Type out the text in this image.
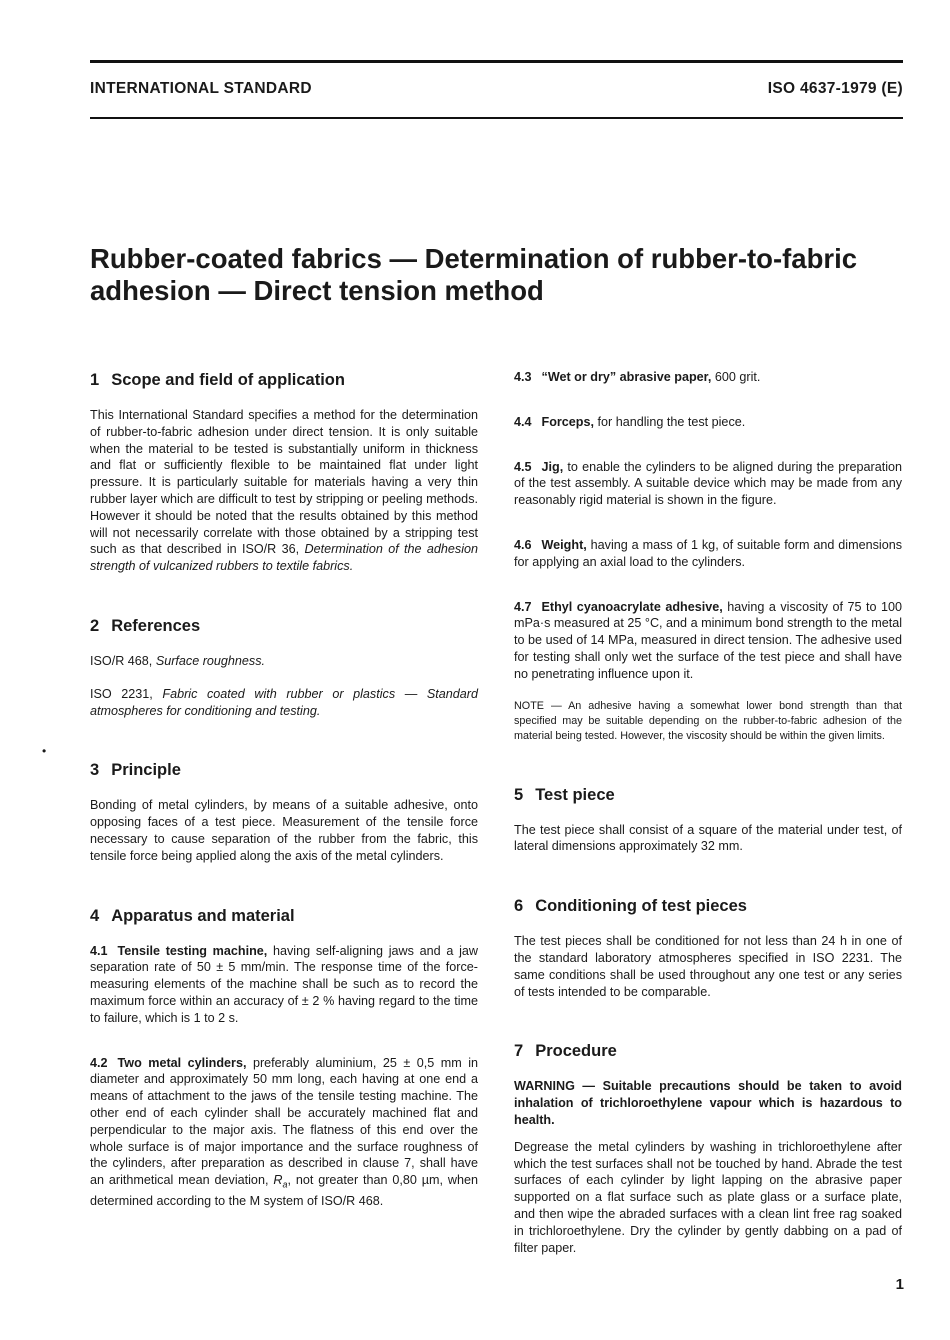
INTERNATIONAL STANDARD	ISO 4637-1979 (E)
Rubber-coated fabrics — Determination of rubber-to-fabric adhesion — Direct tension method
1 Scope and field of application

This International Standard specifies a method for the determination of rubber-to-fabric adhesion under direct tension. It is only suitable when the material to be tested is substantially uniform in thickness and flat or sufficiently flexible to be maintained flat under light pressure. It is particularly suitable for materials having a very thin rubber layer which are difficult to test by stripping or peeling methods. However it should be noted that the results obtained by this method will not necessarily correlate with those obtained by a stripping test such as that described in ISO/R 36, Determination of the adhesion strength of vulcanized rubbers to textile fabrics.

2 References

ISO/R 468, Surface roughness.

ISO 2231, Fabric coated with rubber or plastics — Standard atmospheres for conditioning and testing.

3 Principle

Bonding of metal cylinders, by means of a suitable adhesive, onto opposing faces of a test piece. Measurement of the tensile force necessary to cause separation of the rubber from the fabric, this tensile force being applied along the axis of the metal cylinders.

4 Apparatus and material

4.1 Tensile testing machine, having self-aligning jaws and a jaw separation rate of 50 ± 5 mm/min. The response time of the force-measuring elements of the machine shall be such as to record the maximum force within an accuracy of ± 2 % having regard to the time to failure, which is 1 to 2 s.

4.2 Two metal cylinders, preferably aluminium, 25 ± 0,5 mm in diameter and approximately 50 mm long, each having at one end a means of attachment to the jaws of the tensile testing machine. The other end of each cylinder shall be accurately machined flat and perpendicular to the major axis. The flatness of this end over the whole surface is of major importance and the surface roughness of the cylinders, after preparation as described in clause 7, shall have an arithmetical mean deviation, $R_a$, not greater than 0,80 µm, when determined according to the M system of ISO/R 468.

4.3 “Wet or dry” abrasive paper, 600 grit.

4.4 Forceps, for handling the test piece.

4.5 Jig, to enable the cylinders to be aligned during the preparation of the test assembly. A suitable device which may be made from any reasonably rigid material is shown in the figure.

4.6 Weight, having a mass of 1 kg, of suitable form and dimensions for applying an axial load to the cylinders.

4.7 Ethyl cyanoacrylate adhesive, having a viscosity of 75 to 100 mPa·s measured at 25 °C, and a minimum bond strength to the metal to be used of 14 MPa, measured in direct tension. The adhesive used for testing shall only wet the surface of the test piece and shall have no penetrating influence upon it.

NOTE — An adhesive having a somewhat lower bond strength than that specified may be suitable depending on the rubber-to-fabric adhesion of the material being tested. However, the viscosity should be within the given limits.

5 Test piece

The test piece shall consist of a square of the material under test, of lateral dimensions approximately 32 mm.

6 Conditioning of test pieces

The test pieces shall be conditioned for not less than 24 h in one of the standard laboratory atmospheres specified in ISO 2231. The same conditions shall be used throughout any one test or any series of tests intended to be comparable.

7 Procedure

WARNING — Suitable precautions should be taken to avoid inhalation of trichloroethylene vapour which is hazardous to health.

Degrease the metal cylinders by washing in trichloroethylene after which the test surfaces shall not be touched by hand. Abrade the test surfaces of each cylinder by light lapping on the abrasive paper supported on a flat surface such as plate glass or a surface plate, and then wipe the abraded surfaces with a clean lint free rag soaked in trichloroethylene. Dry the cylinder by gently dabbing on a pad of filter paper.

•
1
